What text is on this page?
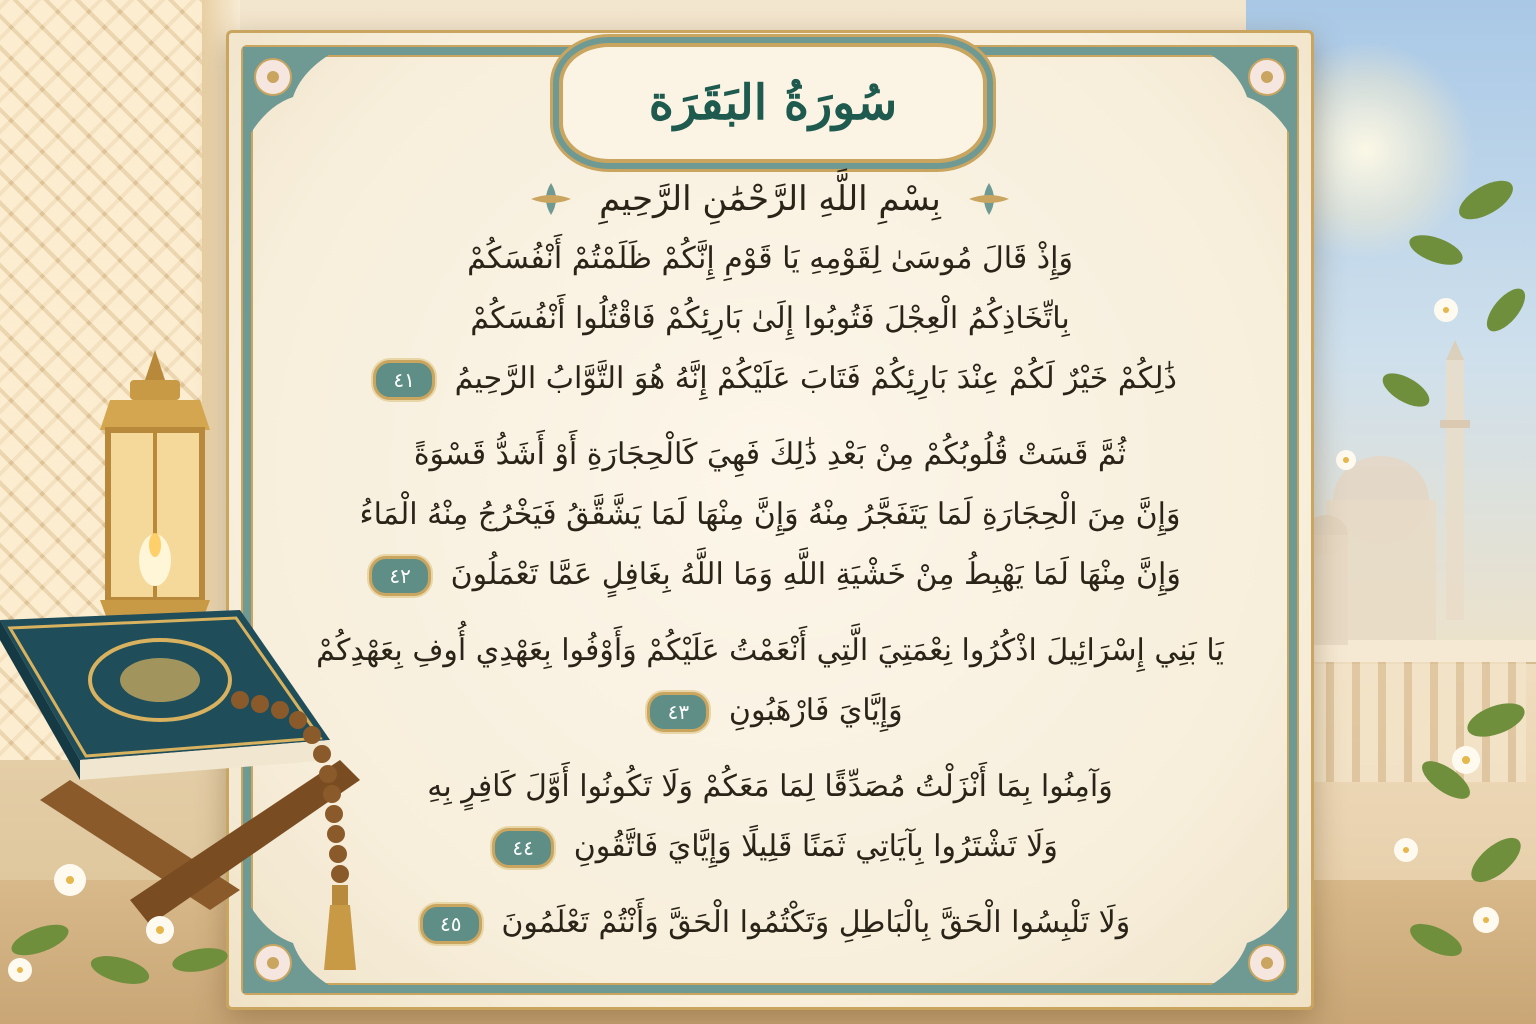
سُورَةُ البَقَرَة
بِسْمِ اللَّهِ الرَّحْمَٰنِ الرَّحِيمِ
وَإِذْ قَالَ مُوسَىٰ لِقَوْمِهِ يَا قَوْمِ إِنَّكُمْ ظَلَمْتُمْ أَنْفُسَكُمْ
بِاتِّخَاذِكُمُ الْعِجْلَ فَتُوبُوا إِلَىٰ بَارِئِكُمْ فَاقْتُلُوا أَنْفُسَكُمْ
ذَٰلِكُمْ خَيْرٌ لَكُمْ عِنْدَ بَارِئِكُمْ فَتَابَ عَلَيْكُمْ إِنَّهُ هُوَ التَّوَّابُ الرَّحِيمُ ٤١
ثُمَّ قَسَتْ قُلُوبُكُمْ مِنْ بَعْدِ ذَٰلِكَ فَهِيَ كَالْحِجَارَةِ أَوْ أَشَدُّ قَسْوَةً
وَإِنَّ مِنَ الْحِجَارَةِ لَمَا يَتَفَجَّرُ مِنْهُ وَإِنَّ مِنْهَا لَمَا يَشَّقَّقُ فَيَخْرُجُ مِنْهُ الْمَاءُ
وَإِنَّ مِنْهَا لَمَا يَهْبِطُ مِنْ خَشْيَةِ اللَّهِ وَمَا اللَّهُ بِغَافِلٍ عَمَّا تَعْمَلُونَ ٤٢
يَا بَنِي إِسْرَائِيلَ اذْكُرُوا نِعْمَتِيَ الَّتِي أَنْعَمْتُ عَلَيْكُمْ وَأَوْفُوا بِعَهْدِي أُوفِ بِعَهْدِكُمْ
وَإِيَّايَ فَارْهَبُونِ ٤٣
وَآمِنُوا بِمَا أَنْزَلْتُ مُصَدِّقًا لِمَا مَعَكُمْ وَلَا تَكُونُوا أَوَّلَ كَافِرٍ بِهِ
وَلَا تَشْتَرُوا بِآيَاتِي ثَمَنًا قَلِيلًا وَإِيَّايَ فَاتَّقُونِ ٤٤
وَلَا تَلْبِسُوا الْحَقَّ بِالْبَاطِلِ وَتَكْتُمُوا الْحَقَّ وَأَنْتُمْ تَعْلَمُونَ ٤٥
